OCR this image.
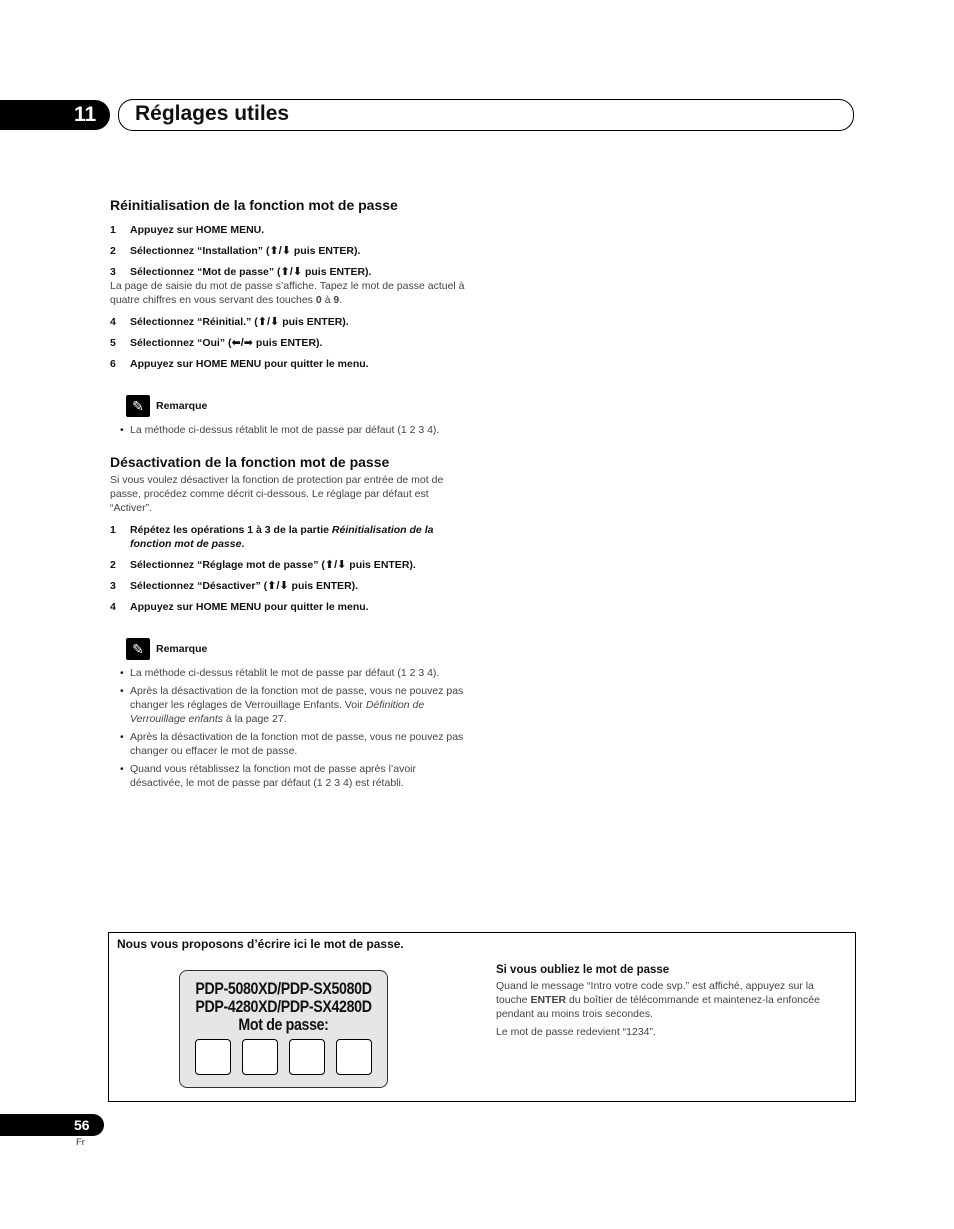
11 Réglages utiles
Réinitialisation de la fonction mot de passe
1	Appuyez sur HOME MENU.
2	Sélectionnez “Installation” (⬆/⬇ puis ENTER).
3	Sélectionnez “Mot de passe” (⬆/⬇ puis ENTER).

La page de saisie du mot de passe s’affiche. Tapez le mot de passe actuel à quatre chiffres en vous servant des touches 0 à 9.

4	Sélectionnez “Réinitial.” (⬆/⬇ puis ENTER).
5	Sélectionnez “Oui” (⬅/➡ puis ENTER).
6	Appuyez sur HOME MENU pour quitter le menu.
✎	Remarque
• La méthode ci-dessus rétablit le mot de passe par défaut (1 2 3 4).
Désactivation de la fonction mot de passe

Si vous voulez désactiver la fonction de protection par entrée de mot de passe, procédez comme décrit ci-dessous. Le réglage par défaut est “Activer”.

1	Répétez les opérations 1 à 3 de la partie Réinitialisation de la fonction mot de passe.
2	Sélectionnez “Réglage mot de passe” (⬆/⬇ puis ENTER).
3	Sélectionnez “Désactiver” (⬆/⬇ puis ENTER).
4	Appuyez sur HOME MENU pour quitter le menu.
✎	Remarque
• La méthode ci-dessus rétablit le mot de passe par défaut (1 2 3 4).
• Après la désactivation de la fonction mot de passe, vous ne pouvez pas changer les réglages de Verrouillage Enfants. Voir Définition de Verrouillage enfants à la page 27.
• Après la désactivation de la fonction mot de passe, vous ne pouvez pas changer ou effacer le mot de passe.
• Quand vous rétablissez la fonction mot de passe après l’avoir désactivée, le mot de passe par défaut (1 2 3 4) est rétabli.
Nous vous proposons d’écrire ici le mot de passe.
PDP-5080XD/PDP-SX5080D
PDP-4280XD/PDP-SX4280D
Mot de passe:
Si vous oubliez le mot de passe

Quand le message “Intro votre code svp.” est affiché, appuyez sur la touche ENTER du boîtier de télécommande et maintenez-la enfoncée pendant au moins trois secondes.

Le mot de passe redevient “1234”.

56
Fr
